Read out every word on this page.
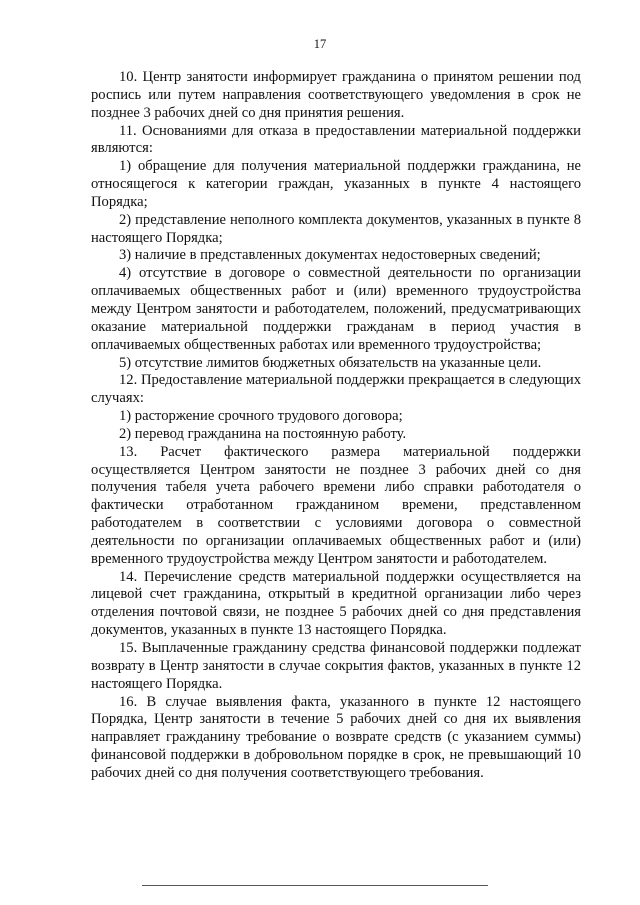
17

10. Центр занятости информирует гражданина о принятом решении под роспись или путем направления соответствующего уведомления в срок не позднее 3 рабочих дней со дня принятия решения.

11. Основаниями для отказа в предоставлении материальной поддержки являются:

1) обращение для получения материальной поддержки гражданина, не относящегося к категории граждан, указанных в пункте 4 настоящего Порядка;

2) представление неполного комплекта документов, указанных в пункте 8 настоящего Порядка;

3) наличие в представленных документах недостоверных сведений;

4) отсутствие в договоре о совместной деятельности по организации оплачиваемых общественных работ и (или) временного трудоустройства между Центром занятости и работодателем, положений, предусматривающих оказание материальной поддержки гражданам в период участия в оплачиваемых общественных работах или временного трудоустройства;

5) отсутствие лимитов бюджетных обязательств на указанные цели.

12. Предоставление материальной поддержки прекращается в следующих случаях:

1) расторжение срочного трудового договора;

2) перевод гражданина на постоянную работу.

13. Расчет фактического размера материальной поддержки осуществляется Центром занятости не позднее 3 рабочих дней со дня получения табеля учета рабочего времени либо справки работодателя о фактически отработанном гражданином времени, представленном работодателем в соответствии с условиями договора о совместной деятельности по организации оплачиваемых общественных работ и (или) временного трудоустройства между Центром занятости и работодателем.

14. Перечисление средств материальной поддержки осуществляется на лицевой счет гражданина, открытый в кредитной организации либо через отделения почтовой связи, не позднее 5 рабочих дней со дня представления документов, указанных в пункте 13 настоящего Порядка.

15. Выплаченные гражданину средства финансовой поддержки подлежат возврату в Центр занятости в случае сокрытия фактов, указанных в пункте 12 настоящего Порядка.

16. В случае выявления факта, указанного в пункте 12 настоящего Порядка, Центр занятости в течение 5 рабочих дней со дня их выявления направляет гражданину требование о возврате средств (с указанием суммы) финансовой поддержки в добровольном порядке в срок, не превышающий 10 рабочих дней со дня получения соответствующего требования.
